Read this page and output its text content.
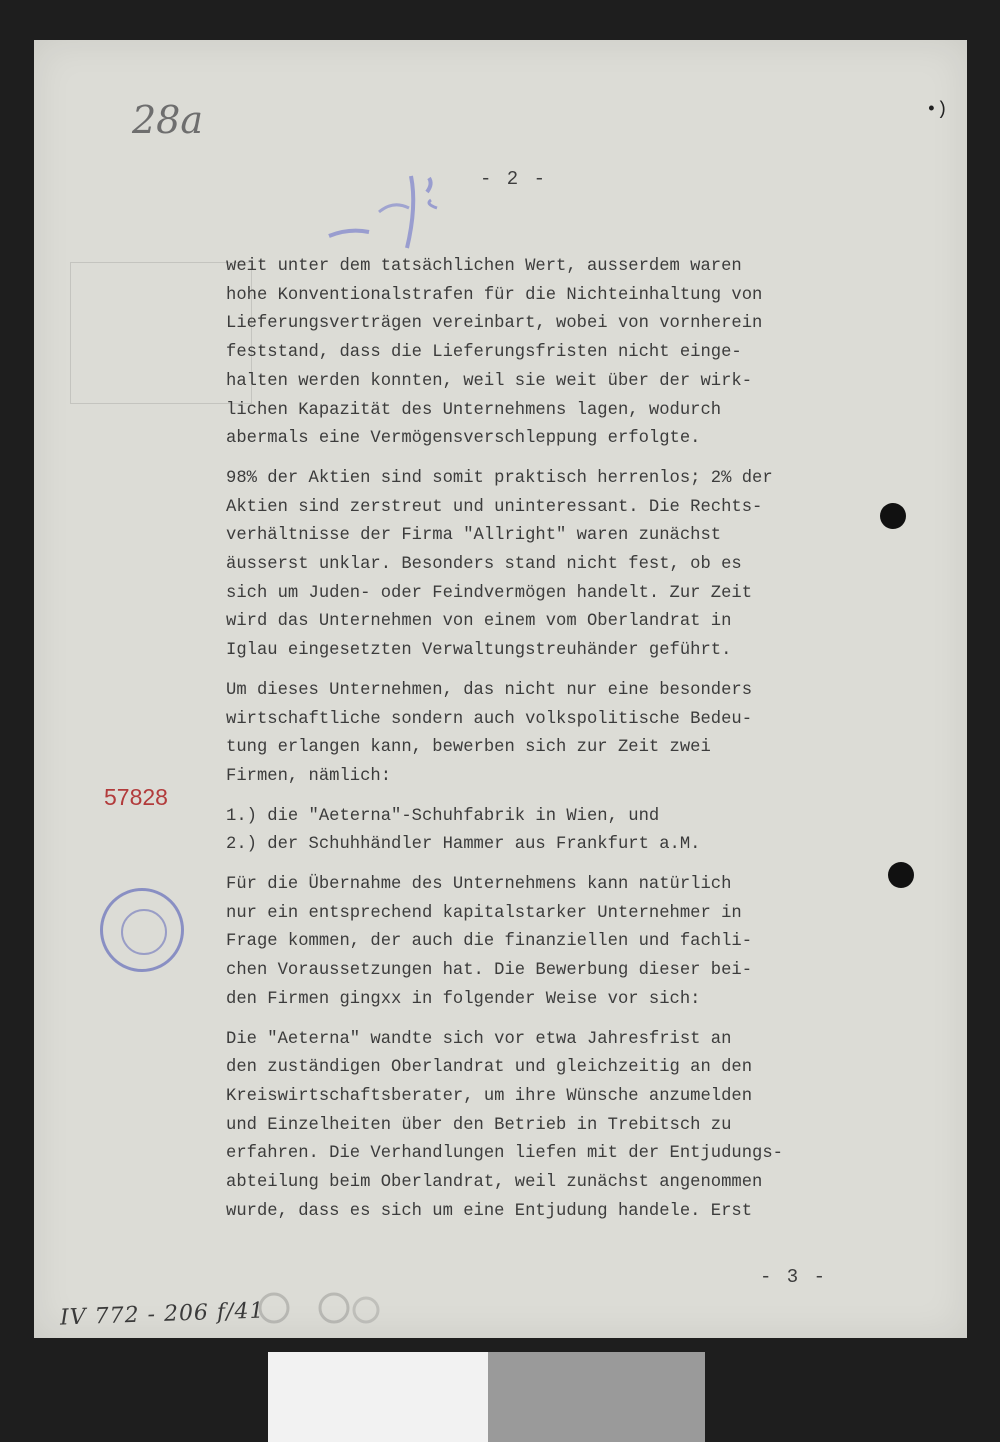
28a	•)
- 2 -
weit unter dem tatsächlichen Wert, ausserdem waren
hohe Konventionalstrafen für die Nichteinhaltung von
Lieferungsverträgen vereinbart, wobei von vornherein
feststand, dass die Lieferungsfristen nicht einge-
halten werden konnten, weil sie weit über der wirk-
lichen Kapazität des Unternehmens lagen, wodurch
abermals eine Vermögensverschleppung erfolgte.
98% der Aktien sind somit praktisch herrenlos; 2% der
Aktien sind zerstreut und uninteressant. Die Rechts-
verhältnisse der Firma "Allright" waren zunächst
äusserst unklar. Besonders stand nicht fest, ob es
sich um Juden- oder Feindvermögen handelt. Zur Zeit
wird das Unternehmen von einem vom Oberlandrat in
Iglau eingesetzten Verwaltungstreuhänder geführt.
Um dieses Unternehmen, das nicht nur eine besonders
wirtschaftliche sondern auch volkspolitische Bedeu-
tung erlangen kann, bewerben sich zur Zeit zwei
Firmen, nämlich:
1.) die "Aeterna"-Schuhfabrik in Wien, und
2.) der Schuhhändler Hammer aus Frankfurt a.M.
Für die Übernahme des Unternehmens kann natürlich
nur ein entsprechend kapitalstarker Unternehmer in
Frage kommen, der auch die finanziellen und fachli-
chen Voraussetzungen hat. Die Bewerbung dieser bei-
den Firmen gingxx in folgender Weise vor sich:
Die "Aeterna" wandte sich vor etwa Jahresfrist an
den zuständigen Oberlandrat und gleichzeitig an den
Kreiswirtschaftsberater, um ihre Wünsche anzumelden
und Einzelheiten über den Betrieb in Trebitsch zu
erfahren. Die Verhandlungen liefen mit der Entjudungs-
abteilung beim Oberlandrat, weil zunächst angenommen
wurde, dass es sich um eine Entjudung handele. Erst
57828
- 3 -
IV 772 - 206 f/41
